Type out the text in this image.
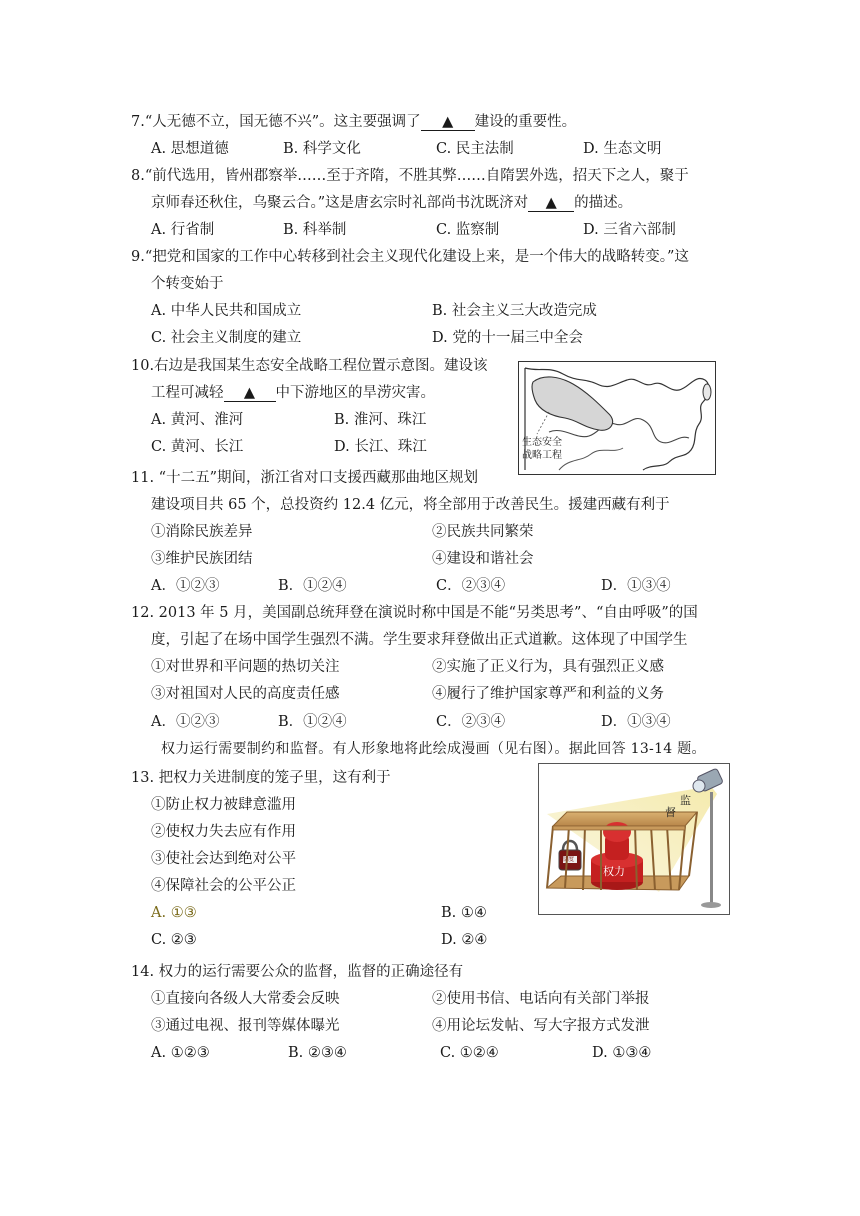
7.“人无德不立，国无德不兴”。这主要强调了 ▲ 建设的重要性。
A. 思想道德	B. 科学文化	C. 民主法制	D. 生态文明
8.“前代选用，皆州郡察举……至于齐隋，不胜其弊……自隋罢外选，招天下之人，聚于
京师春还秋住，乌聚云合。”这是唐玄宗时礼部尚书沈既济对 ▲ 的描述。
A. 行省制	B. 科举制	C. 监察制	D. 三省六部制
9.“把党和国家的工作中心转移到社会主义现代化建设上来，是一个伟大的战略转变。”这
个转变始于
A. 中华人民共和国成立	B. 社会主义三大改造完成
C. 社会主义制度的建立	D. 党的十一届三中全会
10.右边是我国某生态安全战略工程位置示意图。建设该
工程可减轻 ▲ 中下游地区的旱涝灾害。
A. 黄河、淮河	B. 淮河、珠江
C. 黄河、长江	D. 长江、珠江	生态安全
战略工程
11. “十二五”期间，浙江省对口支援西藏那曲地区规划
建设项目共 65 个，总投资约 12.4 亿元，将全部用于改善民生。援建西藏有利于
①消除民族差异	②民族共同繁荣
③维护民族团结	④建设和谐社会
A．①②③	B．①②④	C．②③④	D．①③④
12. 2013 年 5 月，美国副总统拜登在演说时称中国是不能“另类思考”、“自由呼吸”的国
度，引起了在场中国学生强烈不满。学生要求拜登做出正式道歉。这体现了中国学生
①对世界和平问题的热切关注	②实施了正义行为，具有强烈正义感
③对祖国对人民的高度责任感	④履行了维护国家尊严和利益的义务
A．①②③	B．①②④	C．②③④	D．①③④
权力运行需要制约和监督。有人形象地将此绘成漫画（见右图）。据此回答 13-14 题。
13. 把权力关进制度的笼子里，这有利于
①防止权力被肆意滥用
②使权力失去应有作用
③使社会达到绝对公平
④保障社会的公平公正
A. ①③	B. ①④
C. ②③	D. ②④
监
督
权力
制度
14. 权力的运行需要公众的监督，监督的正确途径有
①直接向各级人大常委会反映	②使用书信、电话向有关部门举报
③通过电视、报刊等媒体曝光	④用论坛发帖、写大字报方式发泄
A. ①②③	B. ②③④	C. ①②④	D. ①③④
